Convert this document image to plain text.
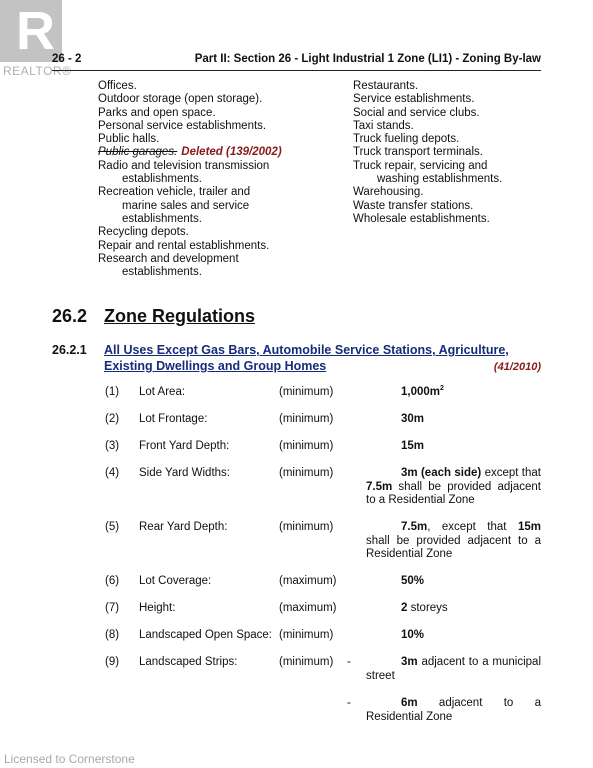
R
REALTOR®
26 - 2	Part II: Section 26 - Light Industrial 1 Zone (LI1) - Zoning By-law
Offices.
Outdoor storage (open storage).
Parks and open space.
Personal service establishments.
Public halls.
Public garages. Deleted (139/2002)
Radio and television transmission
establishments.
Recreation vehicle, trailer and
marine sales and service
establishments.
Recycling depots.
Repair and rental establishments.
Research and development
establishments.
Restaurants.
Service establishments.
Social and service clubs.
Taxi stands.
Truck fueling depots.
Truck transport terminals.
Truck repair, servicing and
washing establishments.
Warehousing.
Waste transfer stations.
Wholesale establishments.
26.2 Zone Regulations
26.2.1 All Uses Except Gas Bars, Automobile Service Stations, Agriculture,
Existing Dwellings and Group Homes	(41/2010)
(1) Lot Area:	(minimum)	$1,000m^2$
(2) Lot Frontage:	(minimum)	30m
(3) Front Yard Depth:	(minimum)	15m
(4) Side Yard Widths:	(minimum)	3m (each side) except that 7.5m shall be provided adjacent to a Residential Zone
(5) Rear Yard Depth:	(minimum)	7.5m, except that 15m shall be provided adjacent to a Residential Zone
(6) Lot Coverage:	(maximum)	50%
(7) Height:	(maximum)	2 storeys
(8) Landscaped Open Space: (minimum)	10%
(9) Landscaped Strips:	(minimum) -	3m adjacent to a municipal street
-	6m adjacent to a Residential Zone
Licensed to Cornerstone
